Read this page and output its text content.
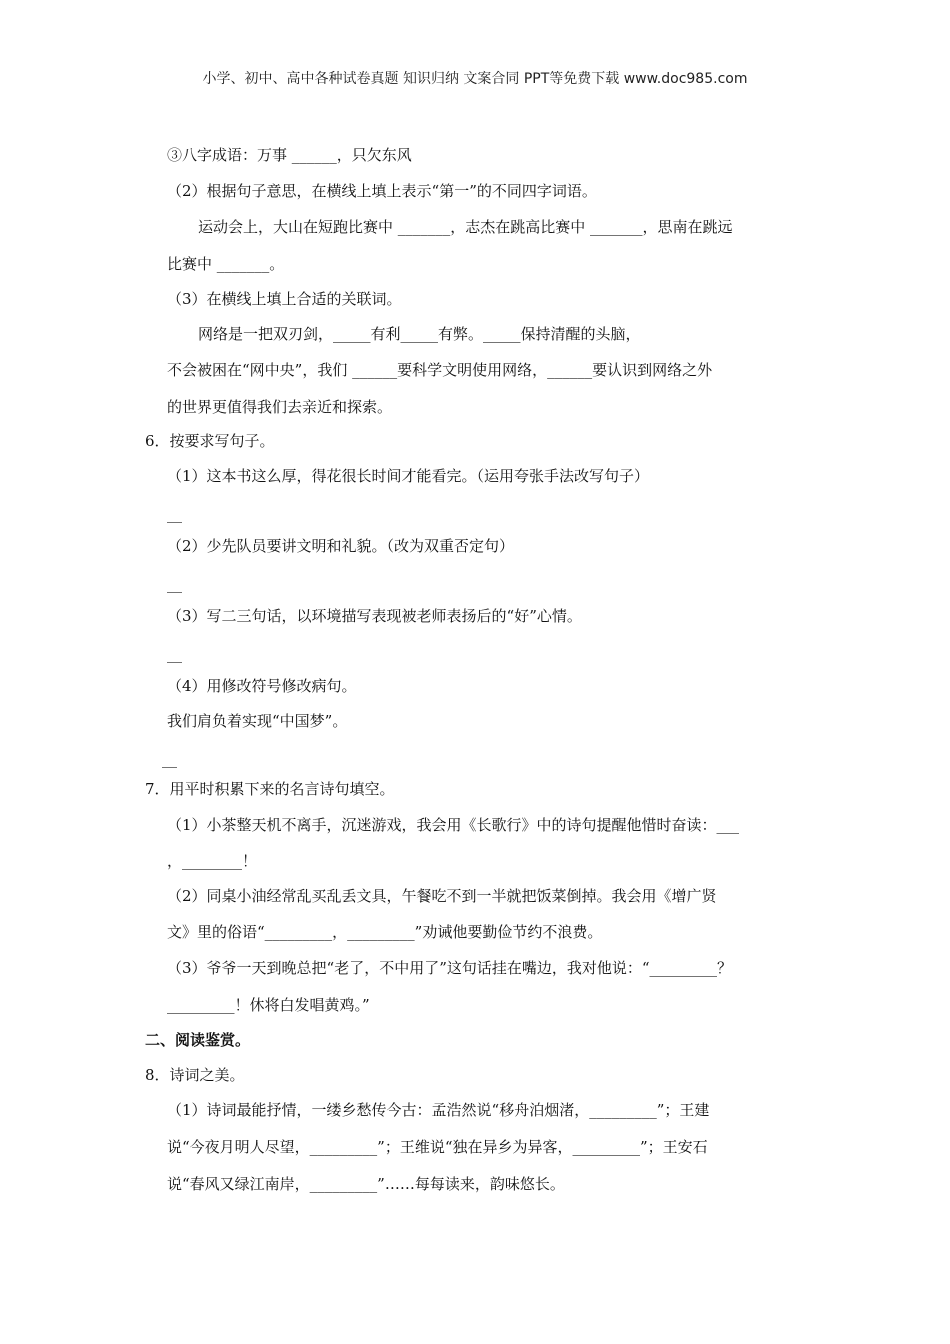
小学、初中、高中各种试卷真题 知识归纳 文案合同 PPT等免费下载 www.doc985.com
③八字成语：万事 ______，只欠东风
（2）根据句子意思，在横线上填上表示“第一”的不同四字词语。
运动会上，大山在短跑比赛中 _______，志杰在跳高比赛中 _______，思南在跳远
比赛中 _______。
（3）在横线上填上合适的关联词。
网络是一把双刃剑，_____有利_____有弊。_____保持清醒的头脑，
不会被困在“网中央”，我们 ______要科学文明使用网络，______要认识到网络之外
的世界更值得我们去亲近和探索。
6．按要求写句子。
（1）这本书这么厚，得花很长时间才能看完。（运用夸张手法改写句子）
__
（2）少先队员要讲文明和礼貌。（改为双重否定句）
__
（3）写二三句话，以环境描写表现被老师表扬后的“好”心情。
__
（4）用修改符号修改病句。
我们肩负着实现“中国梦”。
__
7．用平时积累下来的名言诗句填空。
（1）小茶整天机不离手，沉迷游戏，我会用《长歌行》中的诗句提醒他惜时奋读：___
，________！
（2）同桌小油经常乱买乱丢文具，午餐吃不到一半就把饭菜倒掉。我会用《增广贤
文》里的俗语“_________，_________”劝诫他要勤俭节约不浪费。
（3）爷爷一天到晚总把“老了，不中用了”这句话挂在嘴边，我对他说：“_________？
_________！休将白发唱黄鸡。”
二、阅读鉴赏。
8．诗词之美。
（1）诗词最能抒情，一缕乡愁传今古：孟浩然说“移舟泊烟渚，_________”；王建
说“今夜月明人尽望，_________”；王维说“独在异乡为异客，_________”；王安石
说“春风又绿江南岸，_________”……每每读来，韵味悠长。
